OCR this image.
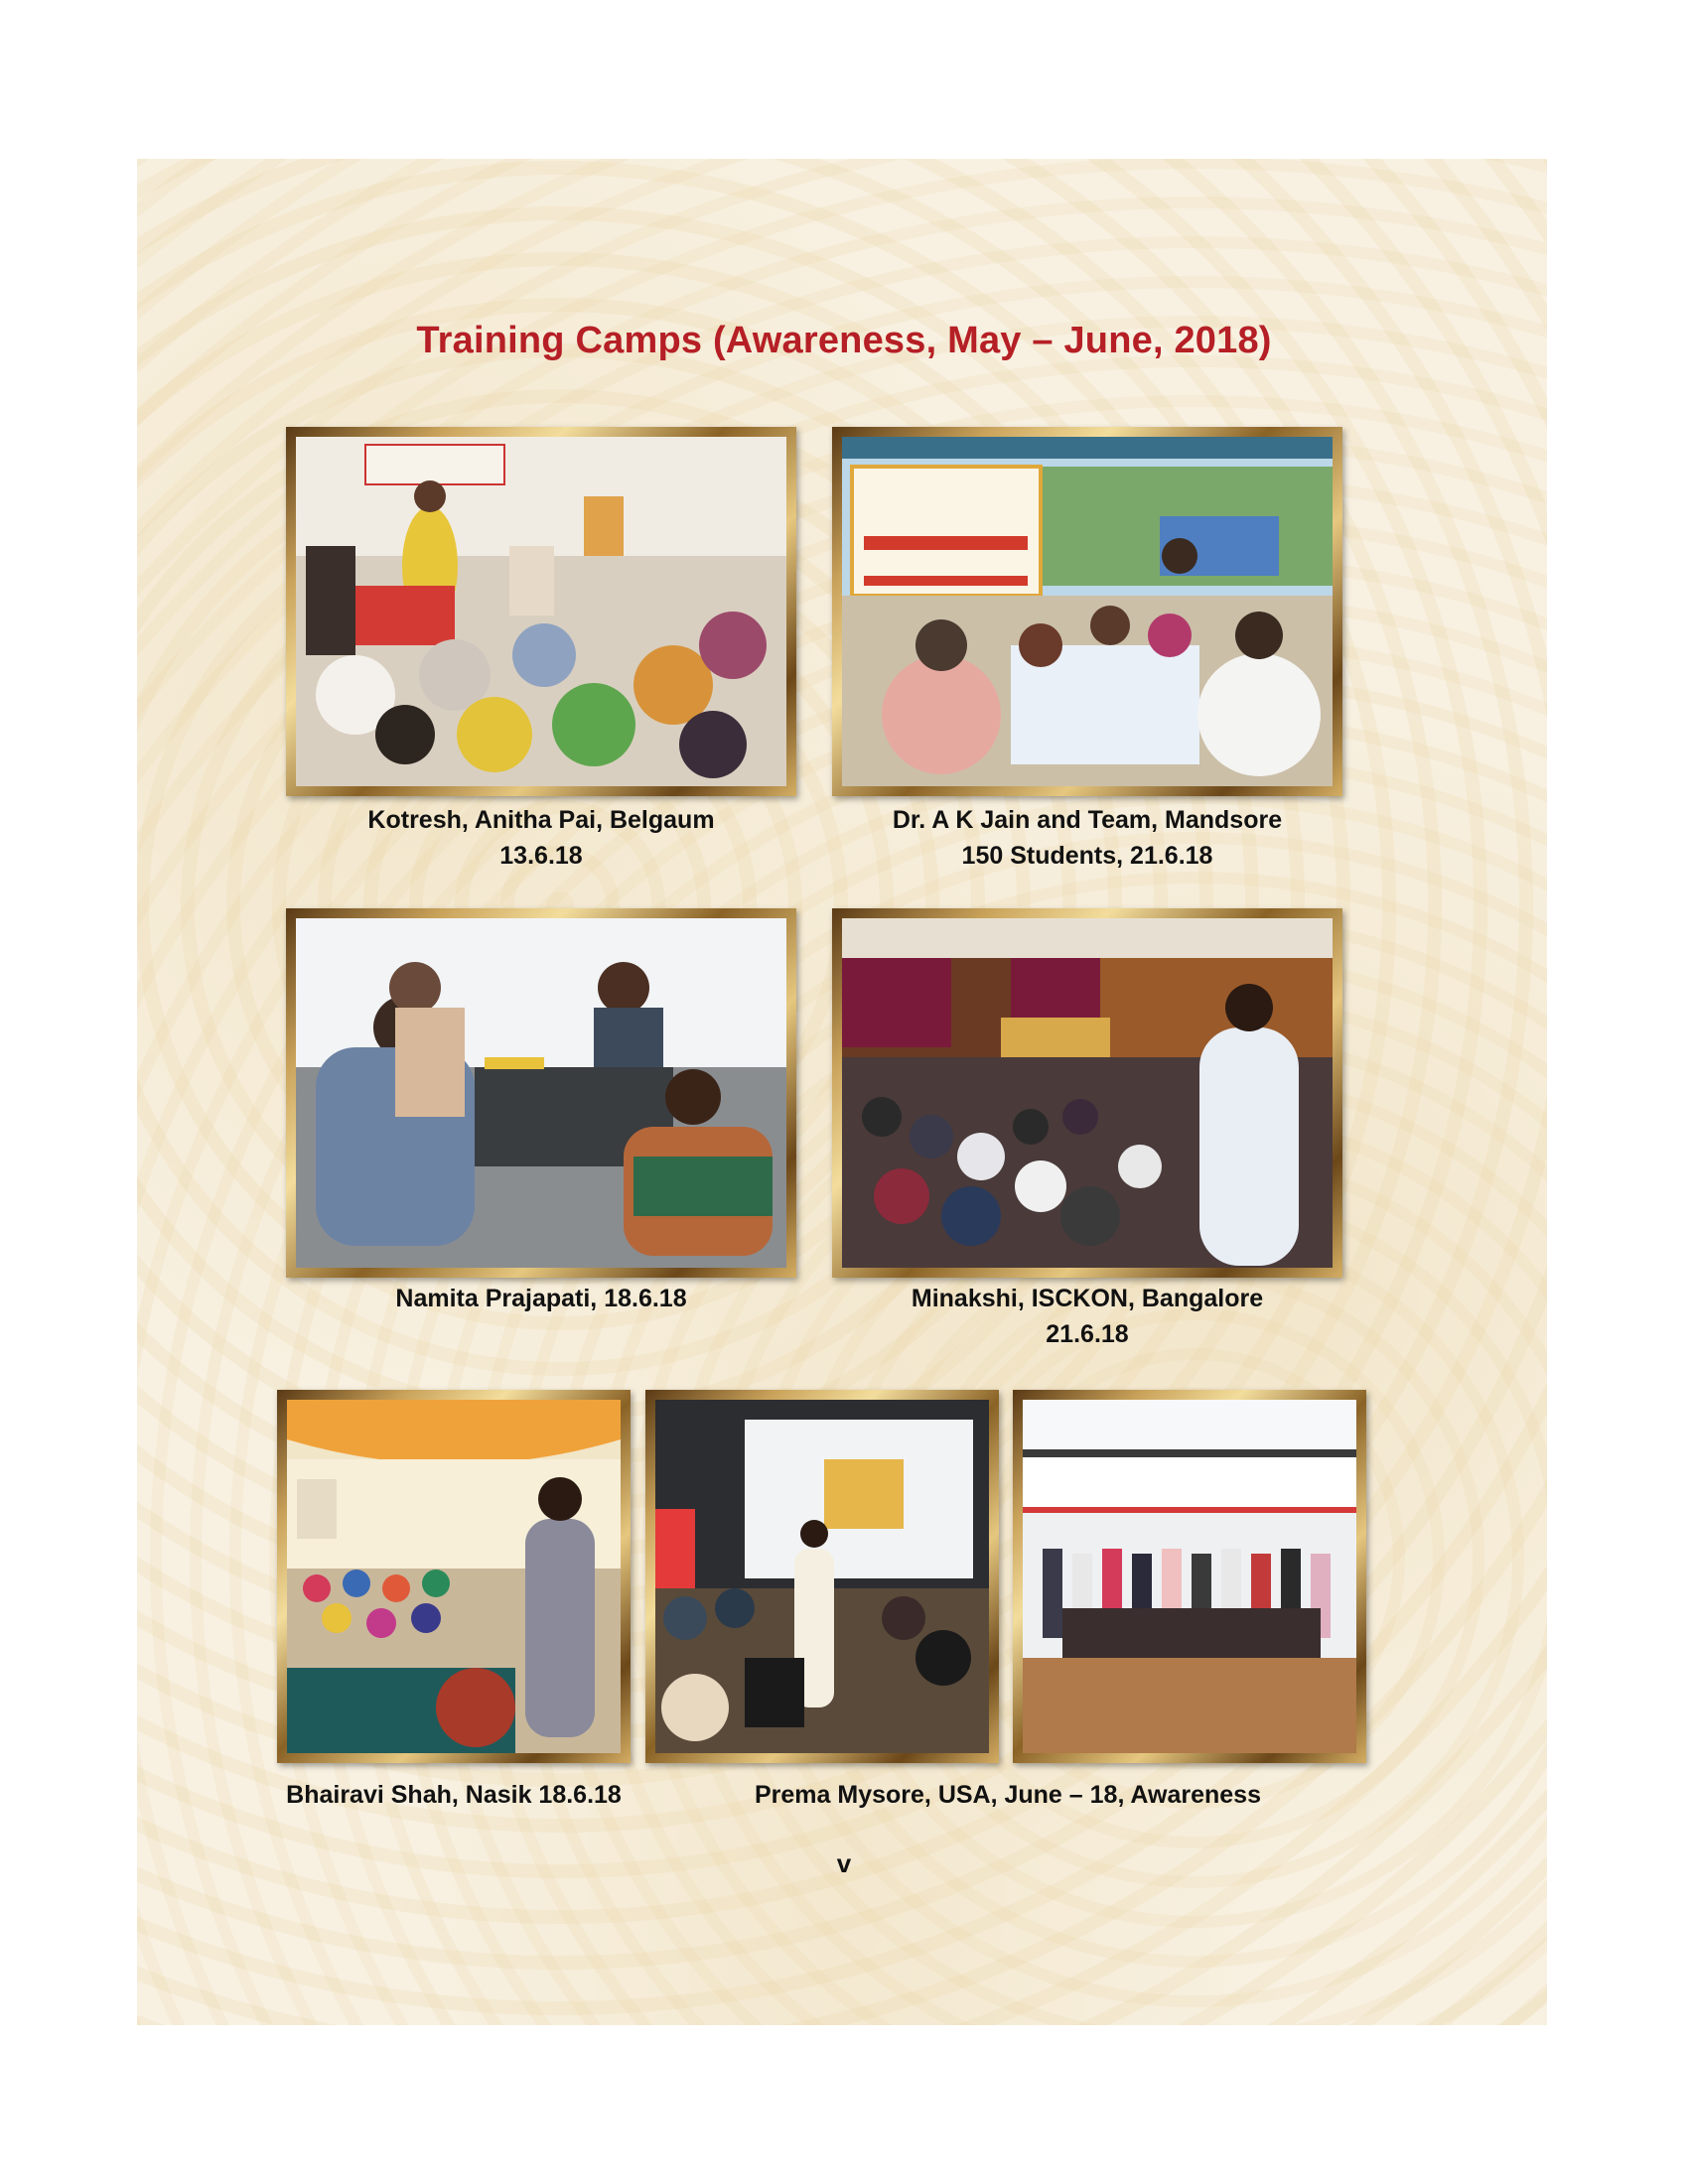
Training Camps (Awareness, May – June, 2018)
Kotresh, Anitha Pai, Belgaum
13.6.18
Dr. A K Jain and Team, Mandsore
150 Students, 21.6.18
Namita Prajapati, 18.6.18	Minakshi, ISCKON, Bangalore
21.6.18
Bhairavi Shah, Nasik 18.6.18	Prema Mysore, USA, June – 18, Awareness
v
